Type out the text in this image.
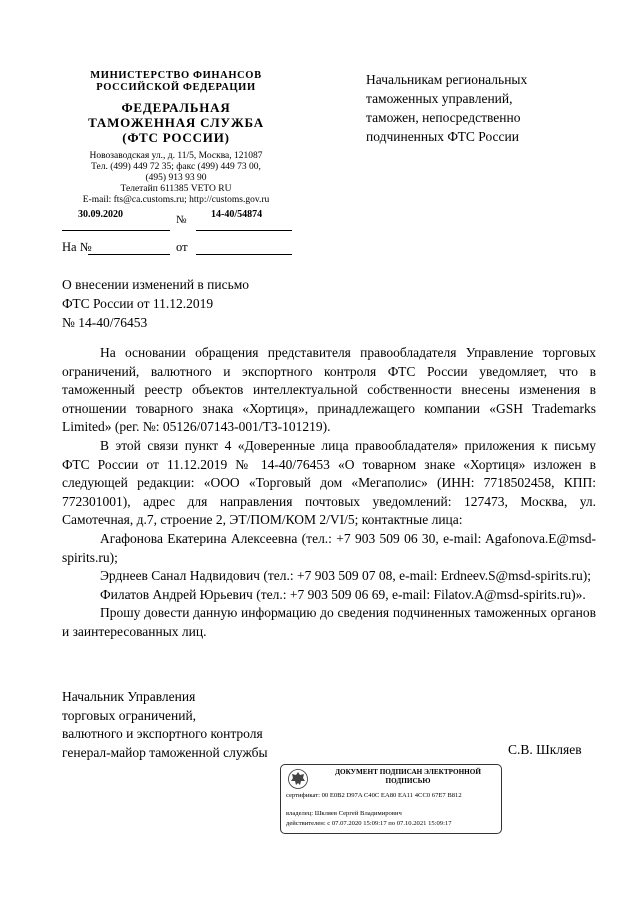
МИНИСТЕРСТВО ФИНАНСОВ
РОССИЙСКОЙ ФЕДЕРАЦИИ
ФЕДЕРАЛЬНАЯ
ТАМОЖЕННАЯ СЛУЖБА
(ФТС РОССИИ)
Новозаводская ул., д. 11/5, Москва, 121087
Тел. (499) 449 72 35; факс (499) 449 73 00,
(495) 913 93 90
Телетайп 611385 VETO RU
E-mail: fts@ca.customs.ru; http://customs.gov.ru
30.09.2020	№ 14-40/54874
На №	от
Начальникам региональных
таможенных управлений,
таможен, непосредственно
подчиненных ФТС России
О внесении изменений в письмо
ФТС России от 11.12.2019
№ 14-40/76453

На основании обращения представителя правообладателя Управление торговых ограничений, валютного и экспортного контроля ФТС России уведомляет, что в таможенный реестр объектов интеллектуальной собственности внесены изменения в отношении товарного знака «Хортиця», принадлежащего компании «GSH Trademarks Limited» (рег. №: 05126/07143-001/ТЗ-101219).

В этой связи пункт 4 «Доверенные лица правообладателя» приложения к письму ФТС России от 11.12.2019 № 14-40/76453 «О товарном знаке «Хортиця» изложен в следующей редакции: «ООО «Торговый дом «Мегаполис» (ИНН: 7718502458, КПП: 772301001), адрес для направления почтовых уведомлений: 127473, Москва, ул. Самотечная, д.7, строение 2, ЭТ/ПОМ/КОМ 2/VI/5; контактные лица:

Агафонова Екатерина Алексеевна (тел.: +7 903 509 06 30, e-mail: Agafonova.E@msd-spirits.ru);

Эрднеев Санал Надвидович (тел.: +7 903 509 07 08, e-mail: Erdneev.S@msd-spirits.ru);

Филатов Андрей Юрьевич (тел.: +7 903 509 06 69, e-mail: Filatov.A@msd-spirits.ru)».

Прошу довести данную информацию до сведения подчиненных таможенных органов и заинтересованных лиц.

Начальник Управления
торговых ограничений,
валютного и экспортного контроля
генерал-майор таможенной службы	С.В. Шкляев
ДОКУМЕНТ ПОДПИСАН ЭЛЕКТРОННОЙ
ПОДПИСЬЮ
сертификат: 00 E0B2 D97A C40C EA80 EA11 4CC0 67E7 B812
владелец: Шкляев Сергей Владимирович
действителен: с 07.07.2020 15:09:17 по 07.10.2021 15:09:17
